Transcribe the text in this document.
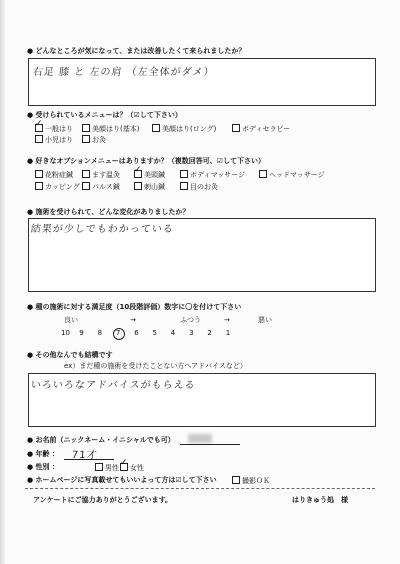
● どんなところが気になって、または改善したくて来られましたか？
右足 膝 と 左の肩 （左全体がダメ）
● 受けられているメニューは？（☑して下さい）
✓一般はり	美顔はり(基本)	美顔はり(ロング)	ボディセラピー
小児はり	お灸
● 好きなオプションメニューはありますか？（複数回答可、☑して下さい）
花粉症鍼	ます温灸 ✓	美頭鍼	ボディマッサージ	ヘッドマッサージ
カッピング	パルス鍼	刺山鍼	目のお灸
● 施術を受けられて、どんな変化がありましたか？
結果が少しでもわかっている
● 種の施術に対する満足度（10段階評価）数字に〇を付けて下さい
良い	→	ふつう	→	悪い
10 9 8 7 6 5 4 3 2 1
● その他なんでも結構です
ex）まだ種の施術を受けたことない方へアドバイスなど）
いろいろなアドバイスがもらえる
● お名前（ニックネーム・イニシャルでも可）
● 年齢 ： 71才
● 性別 ：	男性 ✓	女性
● ホームページに写真載せてもいいよって方は☑して下さい	撮影ＯＫ
アンケートにご協力ありがとうございます。	はりきゅう処　様
